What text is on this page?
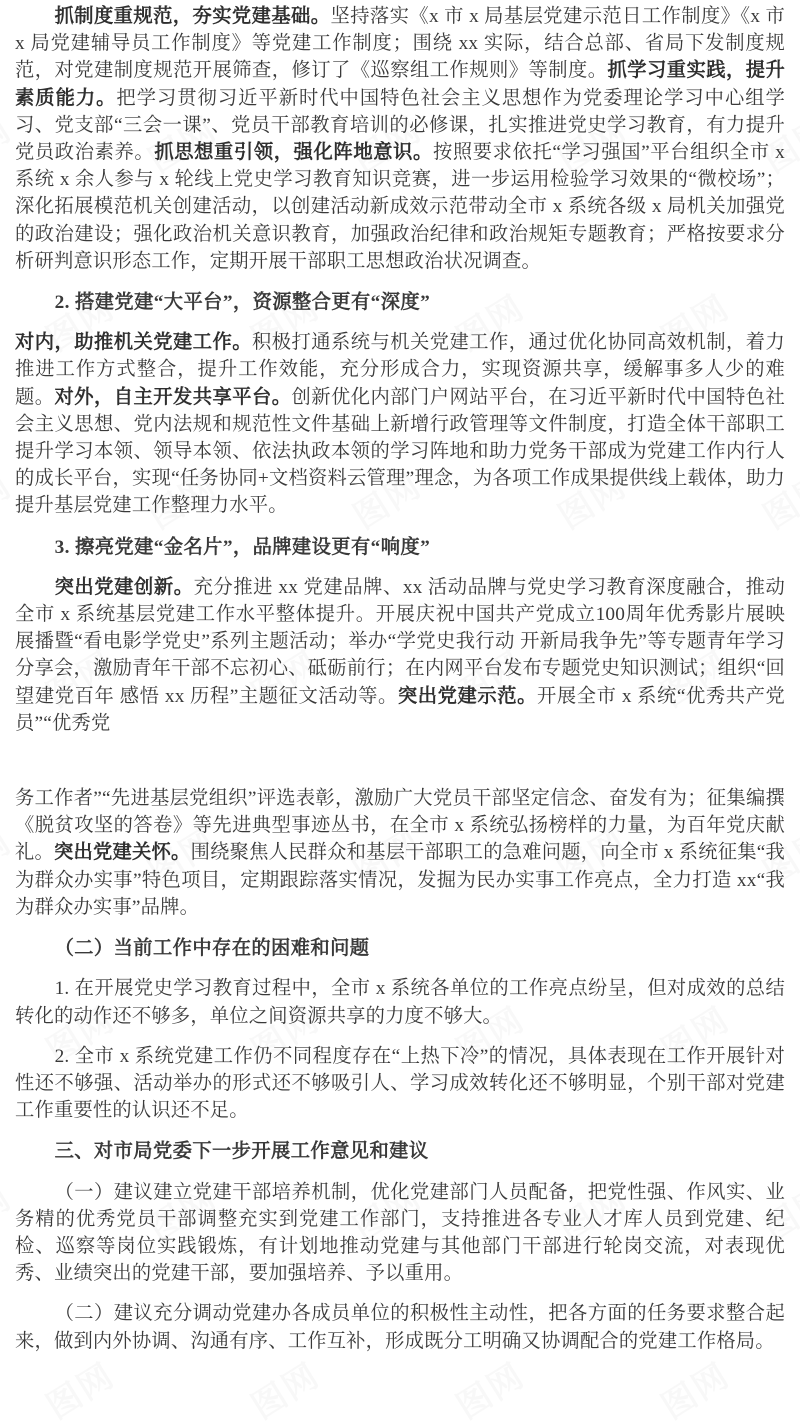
抓制度重规范，夯实党建基础。坚持落实《x 市 x 局基层党建示范日工作制度》《x 市 x 局党建辅导员工作制度》等党建工作制度；围绕 xx 实际，结合总部、省局下发制度规范，对党建制度规范开展筛查，修订了《巡察组工作规则》等制度。抓学习重实践，提升素质能力。把学习贯彻习近平新时代中国特色社会主义思想作为党委理论学习中心组学习、党支部“三会一课”、党员干部教育培训的必修课，扎实推进党史学习教育，有力提升党员政治素养。抓思想重引领，强化阵地意识。按照要求依托“学习强国”平台组织全市 x 系统 x 余人参与 x 轮线上党史学习教育知识竞赛，进一步运用检验学习效果的“微校场”；深化拓展模范机关创建活动，以创建活动新成效示范带动全市 x 系统各级 x 局机关加强党的政治建设；强化政治机关意识教育，加强政治纪律和政治规矩专题教育；严格按要求分析研判意识形态工作，定期开展干部职工思想政治状况调查。

2. 搭建党建“大平台”，资源整合更有“深度”

对内，助推机关党建工作。积极打通系统与机关党建工作，通过优化协同高效机制，着力推进工作方式整合，提升工作效能，充分形成合力，实现资源共享，缓解事多人少的难题。对外，自主开发共享平台。创新优化内部门户网站平台，在习近平新时代中国特色社会主义思想、党内法规和规范性文件基础上新增行政管理等文件制度，打造全体干部职工提升学习本领、领导本领、依法执政本领的学习阵地和助力党务干部成为党建工作内行人的成长平台，实现“任务协同+文档资料云管理”理念，为各项工作成果提供线上载体，助力提升基层党建工作整理力水平。

3. 擦亮党建“金名片”，品牌建设更有“响度”

突出党建创新。充分推进 xx 党建品牌、xx 活动品牌与党史学习教育深度融合，推动全市 x 系统基层党建工作水平整体提升。开展庆祝中国共产党成立100周年优秀影片展映展播暨“看电影学党史”系列主题活动；举办“学党史我行动 开新局我争先”等专题青年学习分享会，激励青年干部不忘初心、砥砺前行；在内网平台发布专题党史知识测试；组织“回望建党百年 感悟 xx 历程”主题征文活动等。突出党建示范。开展全市 x 系统“优秀共产党员”“优秀党

务工作者”“先进基层党组织”评选表彰，激励广大党员干部坚定信念、奋发有为；征集编撰《脱贫攻坚的答卷》等先进典型事迹丛书，在全市 x 系统弘扬榜样的力量，为百年党庆献礼。突出党建关怀。围绕聚焦人民群众和基层干部职工的急难问题，向全市 x 系统征集“我为群众办实事”特色项目，定期跟踪落实情况，发掘为民办实事工作亮点，全力打造 xx“我为群众办实事”品牌。

（二）当前工作中存在的困难和问题

1. 在开展党史学习教育过程中，全市 x 系统各单位的工作亮点纷呈，但对成效的总结转化的动作还不够多，单位之间资源共享的力度不够大。

2. 全市 x 系统党建工作仍不同程度存在“上热下冷”的情况，具体表现在工作开展针对性还不够强、活动举办的形式还不够吸引人、学习成效转化还不够明显，个别干部对党建工作重要性的认识还不足。

三、对市局党委下一步开展工作意见和建议

（一）建议建立党建干部培养机制，优化党建部门人员配备，把党性强、作风实、业务精的优秀党员干部调整充实到党建工作部门，支持推进各专业人才库人员到党建、纪检、巡察等岗位实践锻炼，有计划地推动党建与其他部门干部进行轮岗交流，对表现优秀、业绩突出的党建干部，要加强培养、予以重用。

（二）建议充分调动党建办各成员单位的积极性主动性，把各方面的任务要求整合起来，做到内外协调、沟通有序、工作互补，形成既分工明确又协调配合的党建工作格局。
